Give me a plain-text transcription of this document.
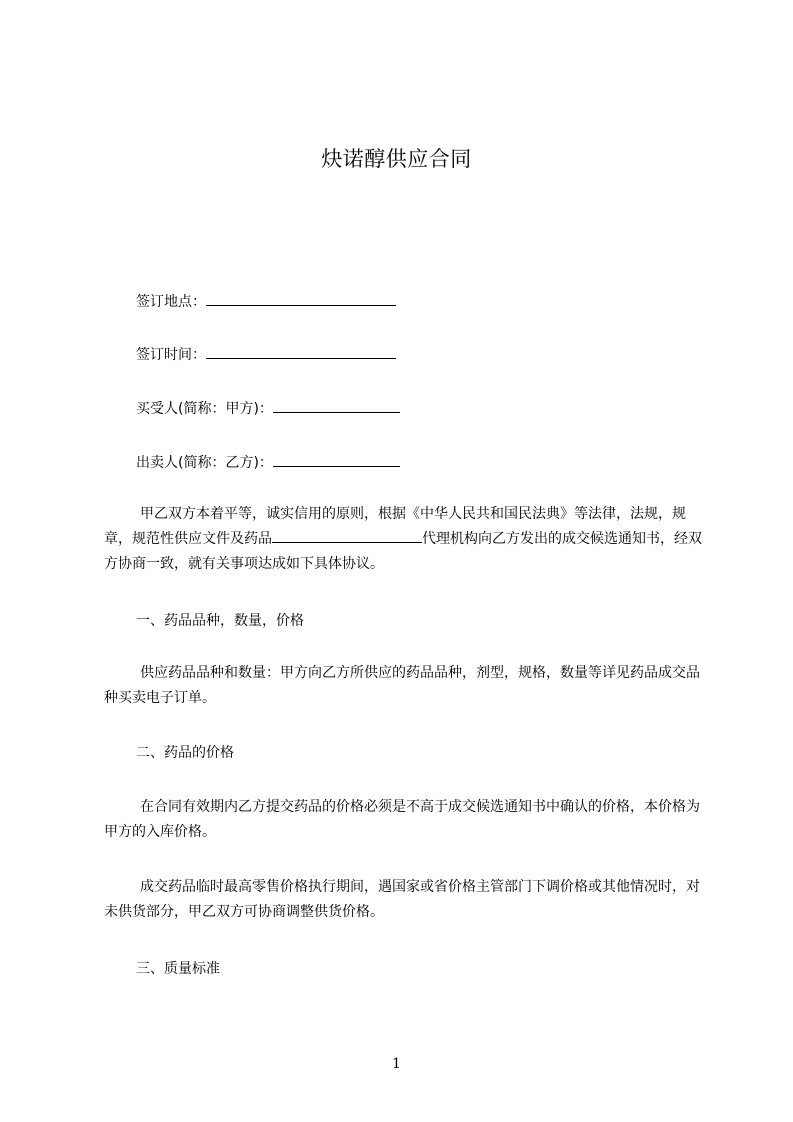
炔诺醇供应合同
签订地点：
签订时间：
买受人(简称：甲方)：
出卖人(简称：乙方)：
甲乙双方本着平等，诚实信用的原则，根据《中华人民共和国民法典》等法律，法规，规章，规范性供应文件及药品	代理机构向乙方发出的成交候选通知书，经双方协商一致，就有关事项达成如下具体协议。
一、药品品种，数量，价格
供应药品品种和数量：甲方向乙方所供应的药品品种，剂型，规格，数量等详见药品成交品种买卖电子订单。
二、药品的价格
在合同有效期内乙方提交药品的价格必须是不高于成交候选通知书中确认的价格，本价格为甲方的入库价格。
成交药品临时最高零售价格执行期间，遇国家或省价格主管部门下调价格或其他情况时，对未供货部分，甲乙双方可协商调整供货价格。
三、质量标准
1
